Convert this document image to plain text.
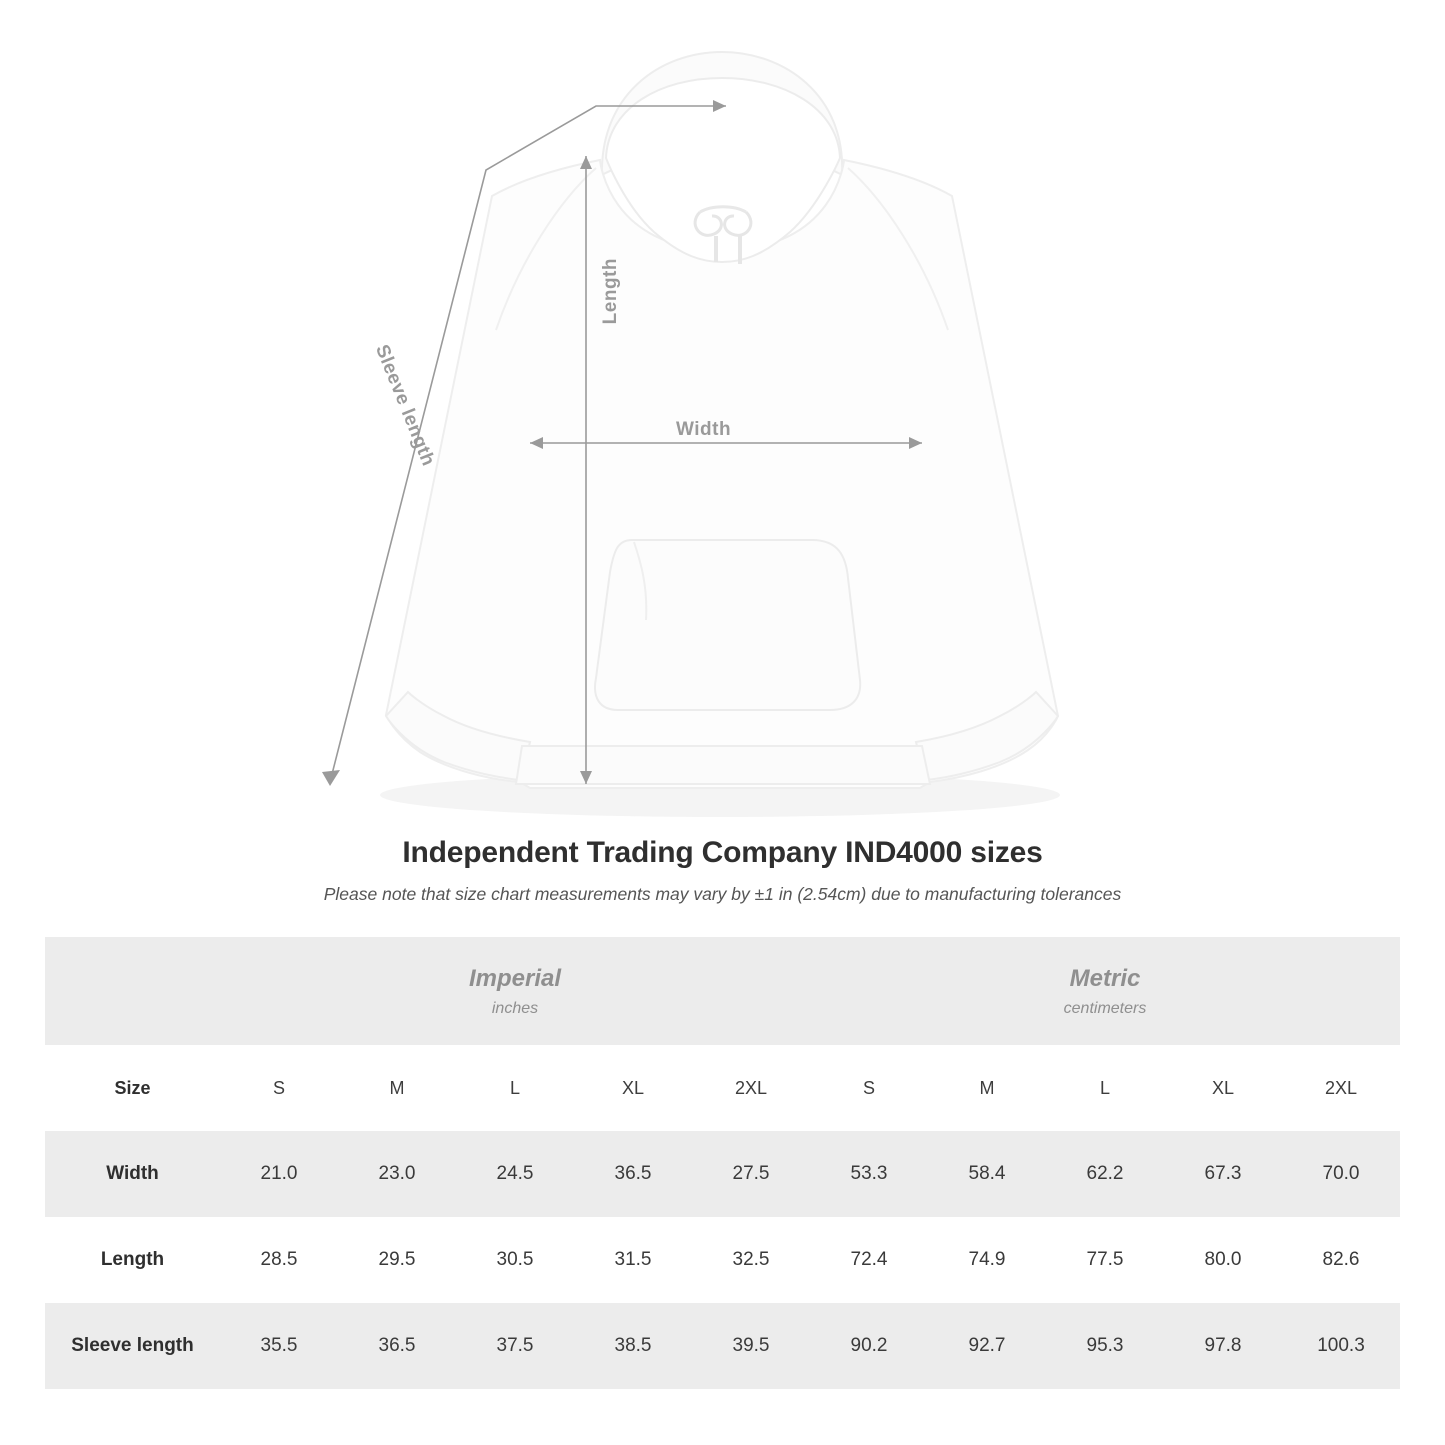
Width
Length
Sleeve length
Independent Trading Company IND4000 sizes
Please note that size chart measurements may vary by ±1 in (2.54cm) due to manufacturing tolerances

Imperial
inches

Metric
centimeters

Size	S	M	L	XL	2XL	S	M	L	XL	2XL
Width	21.0	23.0	24.5	36.5	27.5	53.3	58.4	62.2	67.3	70.0
Length	28.5	29.5	30.5	31.5	32.5	72.4	74.9	77.5	80.0	82.6
Sleeve length	35.5	36.5	37.5	38.5	39.5	90.2	92.7	95.3	97.8	100.3
